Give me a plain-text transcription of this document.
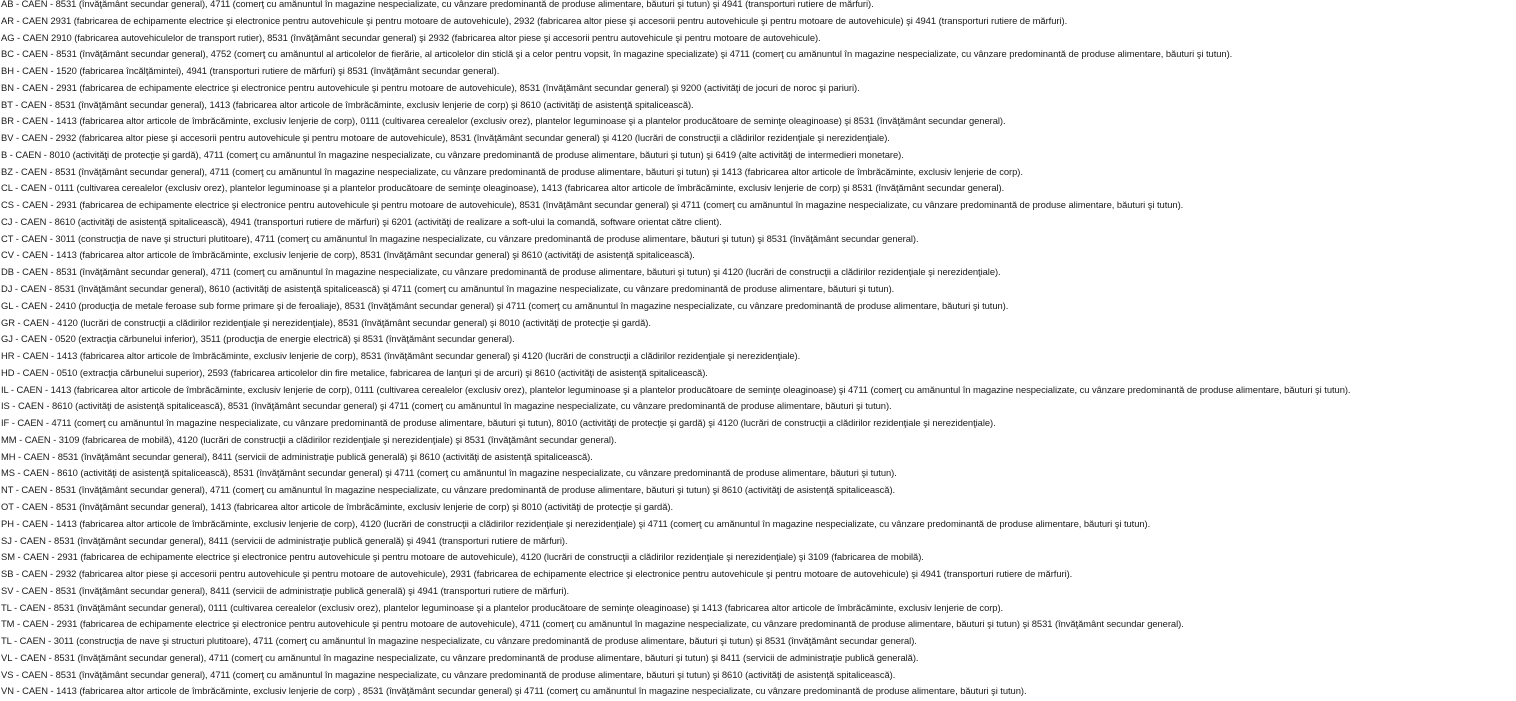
AB - CAEN - 8531 (învăţământ secundar general), 4711 (comerţ cu amănuntul în magazine nespecializate, cu vânzare predominantă de produse alimentare, băuturi şi tutun) şi 4941 (transporturi rutiere de mărfuri).
AR - CAEN 2931 (fabricarea de echipamente electrice şi electronice pentru autovehicule şi pentru motoare de autovehicule), 2932 (fabricarea altor piese şi accesorii pentru autovehicule şi pentru motoare de autovehicule) şi 4941 (transporturi rutiere de mărfuri).
AG - CAEN 2910 (fabricarea autovehiculelor de transport rutier), 8531 (învăţământ secundar general) şi 2932 (fabricarea altor piese şi accesorii pentru autovehicule şi pentru motoare de autovehicule).
BC - CAEN - 8531 (învăţământ secundar general), 4752 (comerţ cu amănuntul al articolelor de fierărie, al articolelor din sticlă şi a celor pentru vopsit, în magazine specializate) şi 4711 (comerţ cu amănuntul în magazine nespecializate, cu vânzare predominantă de produse alimentare, băuturi şi tutun).
BH - CAEN - 1520 (fabricarea încălţămintei), 4941 (transporturi rutiere de mărfuri) şi 8531 (învăţământ secundar general).
BN - CAEN - 2931 (fabricarea de echipamente electrice şi electronice pentru autovehicule şi pentru motoare de autovehicule), 8531 (învăţământ secundar general) şi 9200 (activităţi de jocuri de noroc şi pariuri).
BT - CAEN - 8531 (învăţământ secundar general), 1413 (fabricarea altor articole de îmbrăcăminte, exclusiv lenjerie de corp) şi 8610 (activităţi de asistenţă spitalicească).
BR - CAEN - 1413 (fabricarea altor articole de îmbrăcăminte, exclusiv lenjerie de corp), 0111 (cultivarea cerealelor (exclusiv orez), plantelor leguminoase şi a plantelor producătoare de seminţe oleaginoase) şi 8531 (învăţământ secundar general).
BV - CAEN - 2932 (fabricarea altor piese şi accesorii pentru autovehicule şi pentru motoare de autovehicule), 8531 (învăţământ secundar general) şi 4120 (lucrări de construcţii a clădirilor rezidenţiale şi nerezidenţiale).
B - CAEN - 8010 (activităţi de protecţie şi gardă), 4711 (comerţ cu amănuntul în magazine nespecializate, cu vânzare predominantă de produse alimentare, băuturi şi tutun) şi 6419 (alte activităţi de intermedieri monetare).
BZ - CAEN - 8531 (învăţământ secundar general), 4711 (comerţ cu amănuntul în magazine nespecializate, cu vânzare predominantă de produse alimentare, băuturi şi tutun) şi 1413 (fabricarea altor articole de îmbrăcăminte, exclusiv lenjerie de corp).
CL - CAEN - 0111 (cultivarea cerealelor (exclusiv orez), plantelor leguminoase şi a plantelor producătoare de seminţe oleaginoase), 1413 (fabricarea altor articole de îmbrăcăminte, exclusiv lenjerie de corp) şi 8531 (învăţământ secundar general).
CS - CAEN - 2931 (fabricarea de echipamente electrice şi electronice pentru autovehicule şi pentru motoare de autovehicule), 8531 (învăţământ secundar general) şi 4711 (comerţ cu amănuntul în magazine nespecializate, cu vânzare predominantă de produse alimentare, băuturi şi tutun).
CJ - CAEN - 8610 (activităţi de asistenţă spitalicească), 4941 (transporturi rutiere de mărfuri) şi 6201 (activităţi de realizare a soft-ului la comandă, software orientat către client).
CT - CAEN - 3011 (construcţia de nave şi structuri plutitoare), 4711 (comerţ cu amănuntul în magazine nespecializate, cu vânzare predominantă de produse alimentare, băuturi şi tutun) şi 8531 (învăţământ secundar general).
CV - CAEN - 1413 (fabricarea altor articole de îmbrăcăminte, exclusiv lenjerie de corp), 8531 (învăţământ secundar general) şi 8610 (activităţi de asistenţă spitalicească).
DB - CAEN - 8531 (învăţământ secundar general), 4711 (comerţ cu amănuntul în magazine nespecializate, cu vânzare predominantă de produse alimentare, băuturi şi tutun) şi 4120 (lucrări de construcţii a clădirilor rezidenţiale şi nerezidenţiale).
DJ - CAEN - 8531 (învăţământ secundar general), 8610 (activităţi de asistenţă spitalicească) şi 4711 (comerţ cu amănuntul în magazine nespecializate, cu vânzare predominantă de produse alimentare, băuturi şi tutun).
GL - CAEN - 2410 (producţia de metale feroase sub forme primare şi de feroaliaje), 8531 (învăţământ secundar general) şi 4711 (comerţ cu amănuntul în magazine nespecializate, cu vânzare predominantă de produse alimentare, băuturi şi tutun).
GR - CAEN - 4120 (lucrări de construcţii a clădirilor rezidenţiale şi nerezidenţiale), 8531 (învăţământ secundar general) şi 8010 (activităţi de protecţie şi gardă).
GJ - CAEN - 0520 (extracţia cărbunelui inferior), 3511 (producţia de energie electrică) şi 8531 (învăţământ secundar general).
HR - CAEN - 1413 (fabricarea altor articole de îmbrăcăminte, exclusiv lenjerie de corp), 8531 (învăţământ secundar general) şi 4120 (lucrări de construcţii a clădirilor rezidenţiale şi nerezidenţiale).
HD - CAEN - 0510 (extracţia cărbunelui superior), 2593 (fabricarea articolelor din fire metalice, fabricarea de lanţuri şi de arcuri) şi 8610 (activităţi de asistenţă spitalicească).
IL - CAEN - 1413 (fabricarea altor articole de îmbrăcăminte, exclusiv lenjerie de corp), 0111 (cultivarea cerealelor (exclusiv orez), plantelor leguminoase şi a plantelor producătoare de seminţe oleaginoase) şi 4711 (comerţ cu amănuntul în magazine nespecializate, cu vânzare predominantă de produse alimentare, băuturi şi tutun).
IS - CAEN - 8610 (activităţi de asistenţă spitalicească), 8531 (învăţământ secundar general) şi 4711 (comerţ cu amănuntul în magazine nespecializate, cu vânzare predominantă de produse alimentare, băuturi şi tutun).
IF - CAEN - 4711 (comerţ cu amănuntul în magazine nespecializate, cu vânzare predominantă de produse alimentare, băuturi şi tutun), 8010 (activităţi de protecţie şi gardă) şi 4120 (lucrări de construcţii a clădirilor rezidenţiale şi nerezidenţiale).
MM - CAEN - 3109 (fabricarea de mobilă), 4120 (lucrări de construcţii a clădirilor rezidenţiale şi nerezidenţiale) şi 8531 (învăţământ secundar general).
MH - CAEN - 8531 (învăţământ secundar general), 8411 (servicii de administraţie publică generală) şi 8610 (activităţi de asistenţă spitalicească).
MS - CAEN - 8610 (activităţi de asistenţă spitalicească), 8531 (învăţământ secundar general) şi 4711 (comerţ cu amănuntul în magazine nespecializate, cu vânzare predominantă de produse alimentare, băuturi şi tutun).
NT - CAEN - 8531 (învăţământ secundar general), 4711 (comerţ cu amănuntul în magazine nespecializate, cu vânzare predominantă de produse alimentare, băuturi şi tutun) şi 8610 (activităţi de asistenţă spitalicească).
OT - CAEN - 8531 (învăţământ secundar general), 1413 (fabricarea altor articole de îmbrăcăminte, exclusiv lenjerie de corp) şi 8010 (activităţi de protecţie şi gardă).
PH - CAEN - 1413 (fabricarea altor articole de îmbrăcăminte, exclusiv lenjerie de corp), 4120 (lucrări de construcţii a clădirilor rezidenţiale şi nerezidenţiale) şi 4711 (comerţ cu amănuntul în magazine nespecializate, cu vânzare predominantă de produse alimentare, băuturi şi tutun).
SJ - CAEN - 8531 (învăţământ secundar general), 8411 (servicii de administraţie publică generală) şi 4941 (transporturi rutiere de mărfuri).
SM - CAEN - 2931 (fabricarea de echipamente electrice şi electronice pentru autovehicule şi pentru motoare de autovehicule), 4120 (lucrări de construcţii a clădirilor rezidenţiale şi nerezidenţiale) şi 3109 (fabricarea de mobilă).
SB - CAEN - 2932 (fabricarea altor piese şi accesorii pentru autovehicule şi pentru motoare de autovehicule), 2931 (fabricarea de echipamente electrice şi electronice pentru autovehicule şi pentru motoare de autovehicule) şi 4941 (transporturi rutiere de mărfuri).
SV - CAEN - 8531 (învăţământ secundar general), 8411 (servicii de administraţie publică generală) şi 4941 (transporturi rutiere de mărfuri).
TL - CAEN - 8531 (învăţământ secundar general), 0111 (cultivarea cerealelor (exclusiv orez), plantelor leguminoase şi a plantelor producătoare de seminţe oleaginoase) şi 1413 (fabricarea altor articole de îmbrăcăminte, exclusiv lenjerie de corp).
TM - CAEN - 2931 (fabricarea de echipamente electrice şi electronice pentru autovehicule şi pentru motoare de autovehicule), 4711 (comerţ cu amănuntul în magazine nespecializate, cu vânzare predominantă de produse alimentare, băuturi şi tutun) şi 8531 (învăţământ secundar general).
TL - CAEN - 3011 (construcţia de nave şi structuri plutitoare), 4711 (comerţ cu amănuntul în magazine nespecializate, cu vânzare predominantă de produse alimentare, băuturi şi tutun) şi 8531 (învăţământ secundar general).
VL - CAEN - 8531 (învăţământ secundar general), 4711 (comerţ cu amănuntul în magazine nespecializate, cu vânzare predominantă de produse alimentare, băuturi şi tutun) şi 8411 (servicii de administraţie publică generală).
VS - CAEN - 8531 (învăţământ secundar general), 4711 (comerţ cu amănuntul în magazine nespecializate, cu vânzare predominantă de produse alimentare, băuturi şi tutun) şi 8610 (activităţi de asistenţă spitalicească).
VN - CAEN - 1413 (fabricarea altor articole de îmbrăcăminte, exclusiv lenjerie de corp) , 8531 (învăţământ secundar general) şi 4711 (comerţ cu amănuntul în magazine nespecializate, cu vânzare predominantă de produse alimentare, băuturi şi tutun).
